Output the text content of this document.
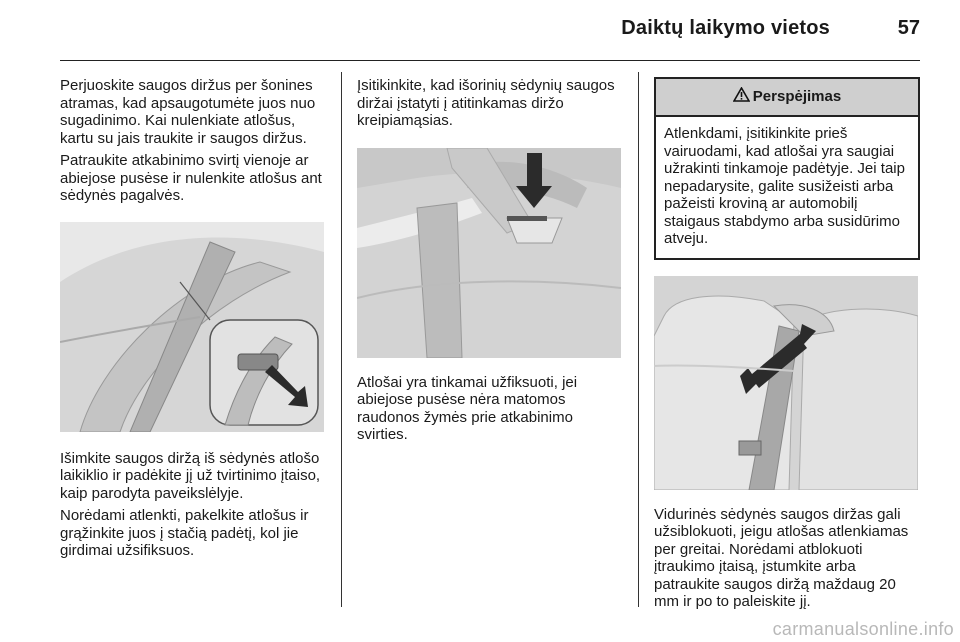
Daiktų laikymo vietos	57

Perjuoskite saugos diržus per šonines atramas, kad apsaugotumėte juos nuo sugadinimo. Kai nulenkiate atlošus, kartu su jais traukite ir saugos diržus.

Patraukite atkabinimo svirtį vienoje ar abiejose pusėse ir nulenkite atlošus ant sėdynės pagalvės.

Išimkite saugos diržą iš sėdynės atlošo laikiklio ir padėkite jį už tvirtinimo įtaiso, kaip parodyta paveikslėlyje.

Norėdami atlenkti, pakelkite atlošus ir grąžinkite juos į stačią padėtį, kol jie girdimai užsifiksuos.

Įsitikinkite, kad išorinių sėdynių saugos diržai įstatyti į atitinkamas diržo kreipiamąsias.

Atlošai yra tinkamai užfiksuoti, jei abiejose pusėse nėra matomos raudonos žymės prie atkabinimo svirties.

Perspėjimas
Atlenkdami, įsitikinkite prieš vairuodami, kad atlošai yra saugiai užrakinti tinkamoje padėtyje. Jei taip nepadarysite, galite susižeisti arba pažeisti kroviną ar automobilį staigaus stabdymo arba susidūrimo atveju.

Vidurinės sėdynės saugos diržas gali užsiblokuoti, jeigu atlošas atlenkiamas per greitai. Norėdami atblokuoti įtraukimo įtaisą, įstumkite arba patraukite saugos diržą maždaug 20 mm ir po to paleiskite jį.

carmanualsonline.info
